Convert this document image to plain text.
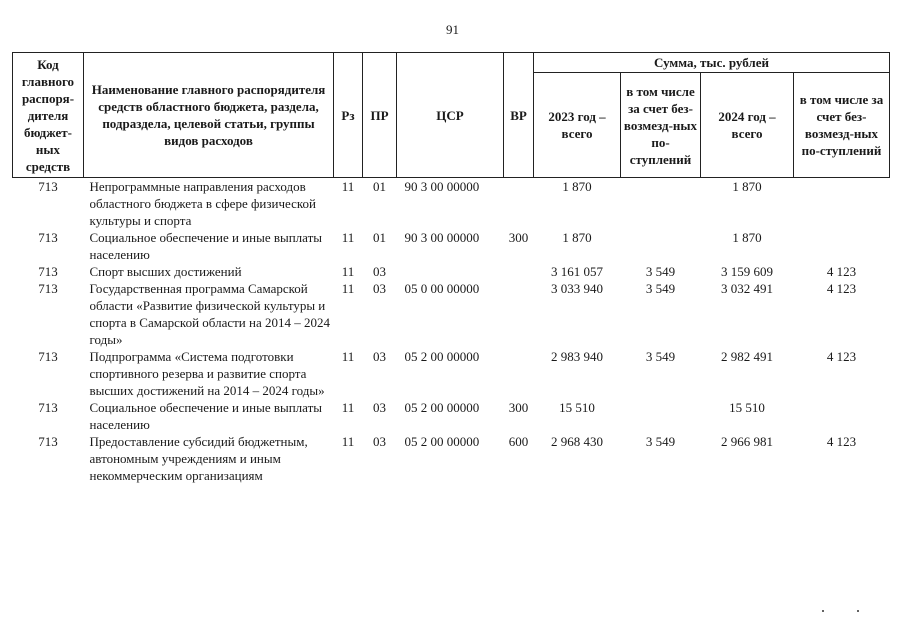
91
Код главного распоря-дителя бюджет-ных средств	Наименование главного распорядителя средств областного бюджета, раздела, подраздела, целевой статьи, группы видов расходов	Рз	ПР	ЦСР	ВР	Сумма, тыс. рублей			
						2023 год – всего	в том числе за счет без-возмезд-ных по-ступлений	2024 год – всего	в том числе за счет без-возмезд-ных по-ступлений
713	Непрограммные направления расходов областного бюджета в сфере физической культуры и спорта	11	01	90 3 00 00000		1 870		1 870	
713	Социальное обеспечение и иные выплаты населению	11	01	90 3 00 00000	300	1 870		1 870	
713	Спорт высших достижений	11	03			3 161 057	3 549	3 159 609	4 123
713	Государственная программа Самарской области «Развитие физической культуры и спорта в Самарской области на 2014 – 2024 годы»	11	03	05 0 00 00000		3 033 940	3 549	3 032 491	4 123
713	Подпрограмма «Система подготовки спортивного резерва и развитие спорта высших достижений на 2014 – 2024 годы»	11	03	05 2 00 00000		2 983 940	3 549	2 982 491	4 123
713	Социальное обеспечение и иные выплаты населению	11	03	05 2 00 00000	300	15 510		15 510	
713	Предоставление субсидий бюджетным, автономным учреждениям и иным некоммерческим организациям	11	03	05 2 00 00000	600	2 968 430	3 549	2 966 981	4 123
